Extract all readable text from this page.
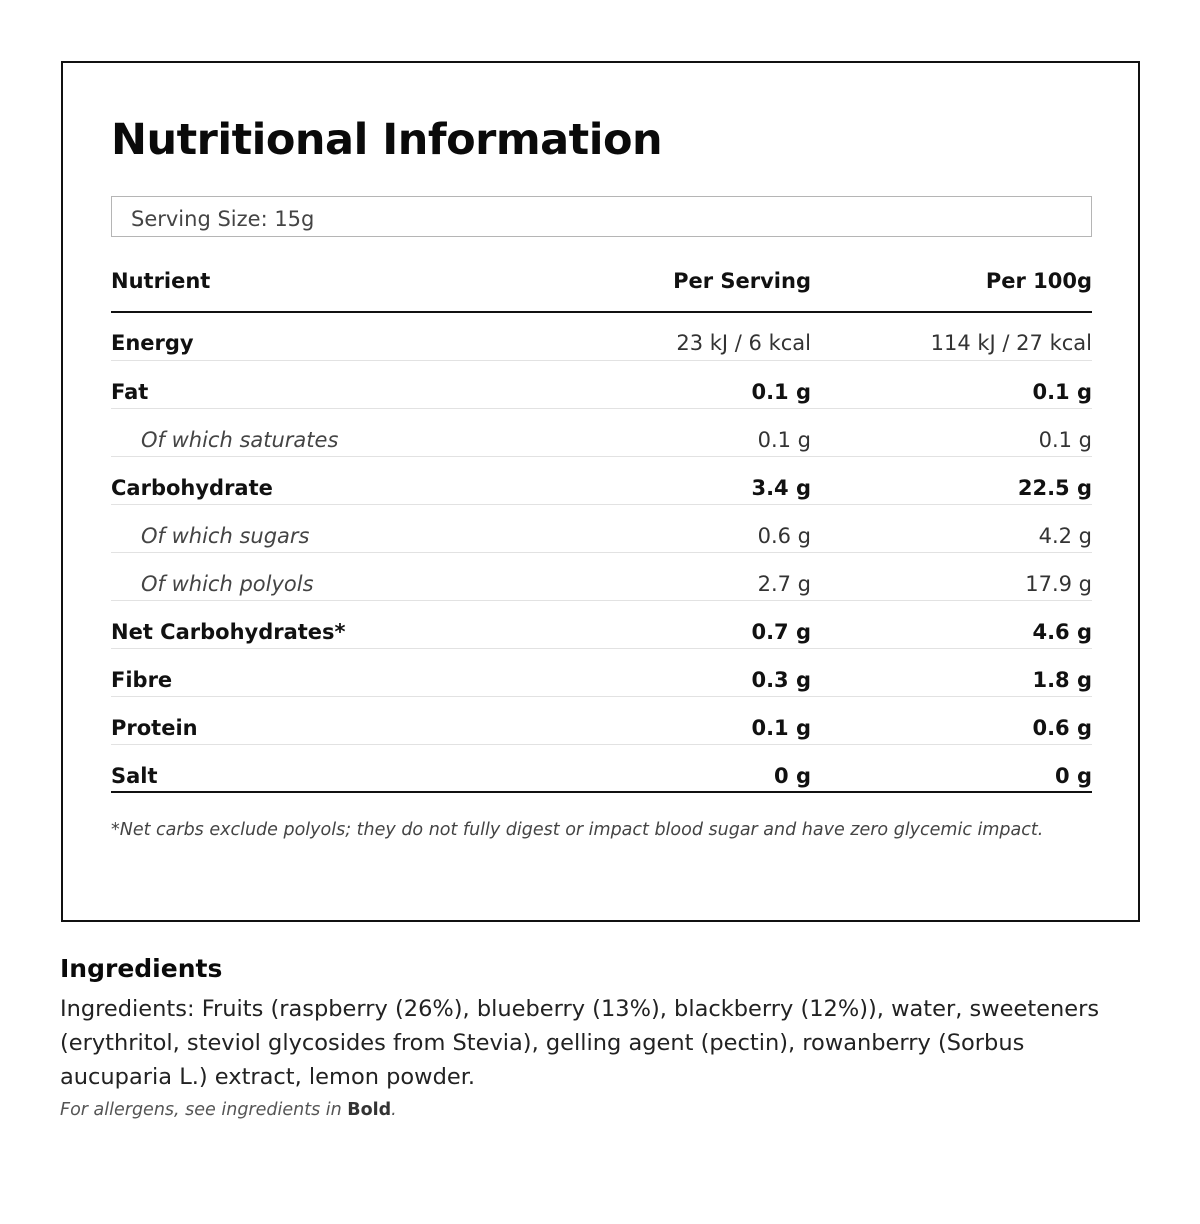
Nutritional Information
Serving Size: 15g
Nutrient	Per Serving	Per 100g
Energy	23 kJ / 6 kcal	114 kJ / 27 kcal
Fat	0.1 g	0.1 g
Of which saturates	0.1 g	0.1 g
Carbohydrate	3.4 g	22.5 g
Of which sugars	0.6 g	4.2 g
Of which polyols	2.7 g	17.9 g
Net Carbohydrates*	0.7 g	4.6 g
Fibre	0.3 g	1.8 g
Protein	0.1 g	0.6 g
Salt	0 g	0 g

*Net carbs exclude polyols; they do not fully digest or impact blood sugar and have zero glycemic impact.

Ingredients

Ingredients: Fruits (raspberry (26%), blueberry (13%), blackberry (12%)), water, sweeteners (erythritol, steviol glycosides from Stevia), gelling agent (pectin), rowanberry (Sorbus aucuparia L.) extract, lemon powder.

For allergens, see ingredients in Bold.
